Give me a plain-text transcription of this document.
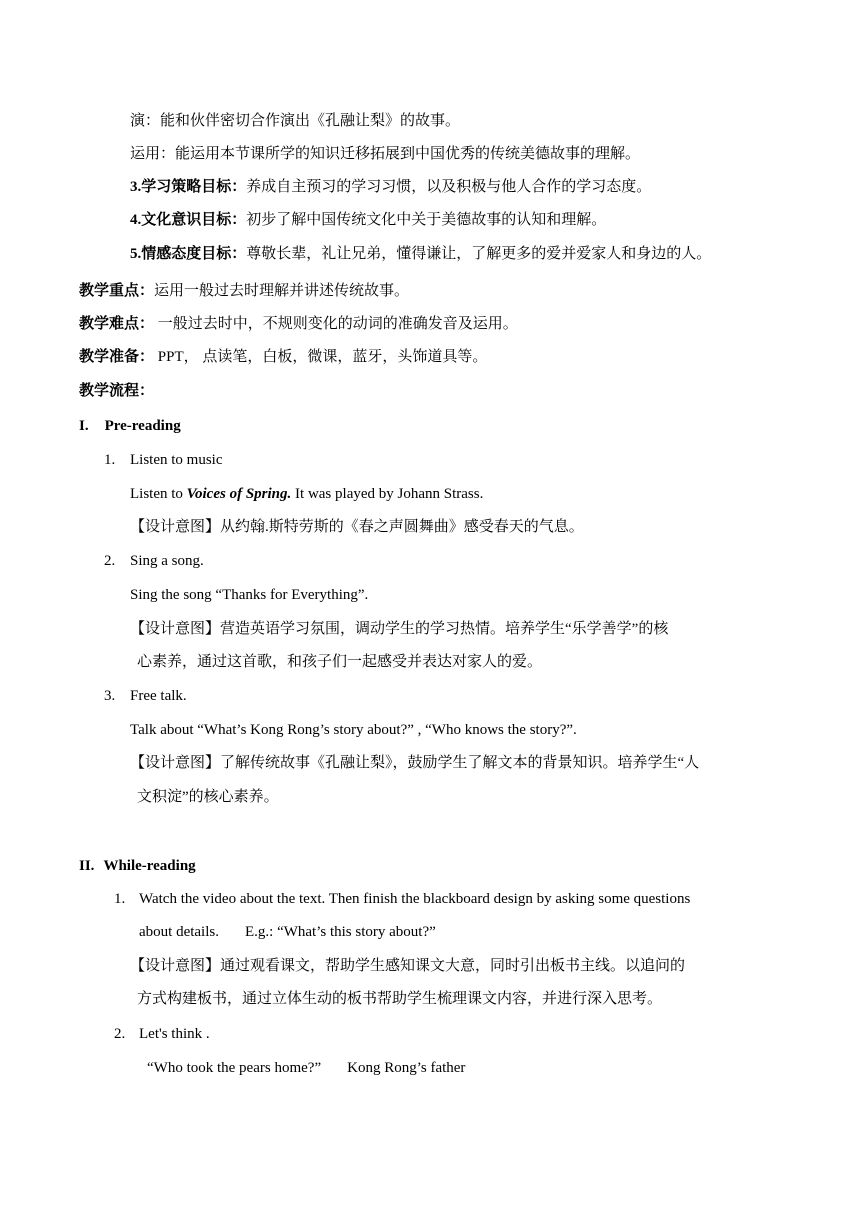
演：能和伙伴密切合作演出《孔融让梨》的故事。
运用：能运用本节课所学的知识迁移拓展到中国优秀的传统美德故事的理解。
3.学习策略目标：养成自主预习的学习习惯，以及积极与他人合作的学习态度。
4.文化意识目标：初步了解中国传统文化中关于美德故事的认知和理解。
5.情感态度目标：尊敬长辈，礼让兄弟，懂得谦让，了解更多的爱并爱家人和身边的人。
教学重点：运用一般过去时理解并讲述传统故事。
教学难点： 一般过去时中，不规则变化的动词的准确发音及运用。
教学准备： PPT， 点读笔，白板，微课，蓝牙，头饰道具等。
教学流程：
I. Pre-reading
1. Listen to music
Listen to Voices of Spring. It was played by Johann Strass.
【设计意图】从约翰.斯特劳斯的《春之声圆舞曲》感受春天的气息。
2. Sing a song.
Sing the song “Thanks for Everything”.
【设计意图】营造英语学习氛围，调动学生的学习热情。培养学生“乐学善学”的核
心素养，通过这首歌，和孩子们一起感受并表达对家人的爱。
3. Free talk.
Talk about “What’s Kong Rong’s story about?” , “Who knows the story?”.
【设计意图】了解传统故事《孔融让梨》，鼓励学生了解文本的背景知识。培养学生“人
文积淀”的核心素养。
II. While-reading
1. Watch the video about the text. Then finish the blackboard design by asking some questions
about details. E.g.: “What’s this story about?”
【设计意图】通过观看课文，帮助学生感知课文大意，同时引出板书主线。以追问的
方式构建板书，通过立体生动的板书帮助学生梳理课文内容，并进行深入思考。
2. Let's think .
“Who took the pears home?” Kong Rong’s father
